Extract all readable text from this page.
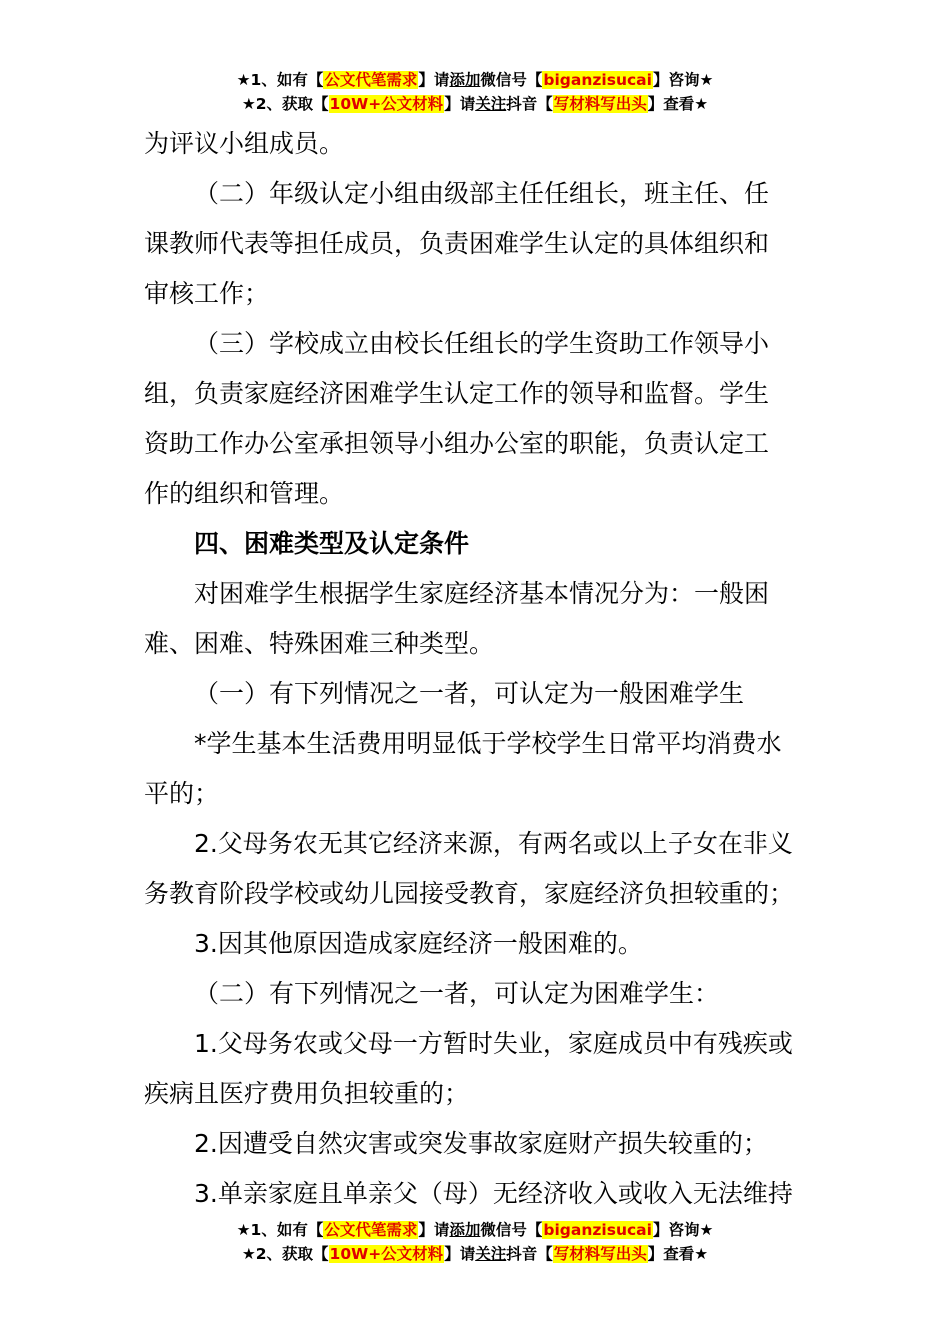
★1、如有【公文代笔需求】请添加微信号【biganzisucai】咨询★
★2、获取【10W+公文材料】请关注抖音【写材料写出头】查看★
为评议小组成员。
（二）年级认定小组由级部主任任组长，班主任、任
课教师代表等担任成员，负责困难学生认定的具体组织和
审核工作；
（三）学校成立由校长任组长的学生资助工作领导小
组，负责家庭经济困难学生认定工作的领导和监督。学生
资助工作办公室承担领导小组办公室的职能，负责认定工
作的组织和管理。
四、困难类型及认定条件
对困难学生根据学生家庭经济基本情况分为：一般困
难、困难、特殊困难三种类型。
（一）有下列情况之一者，可认定为一般困难学生
*学生基本生活费用明显低于学校学生日常平均消费水
平的；
2.父母务农无其它经济来源，有两名或以上子女在非义
务教育阶段学校或幼儿园接受教育，家庭经济负担较重的；
3.因其他原因造成家庭经济一般困难的。
（二）有下列情况之一者，可认定为困难学生：
1.父母务农或父母一方暂时失业，家庭成员中有残疾或
疾病且医疗费用负担较重的；
2.因遭受自然灾害或突发事故家庭财产损失较重的；
3.单亲家庭且单亲父（母）无经济收入或收入无法维持
★1、如有【公文代笔需求】请添加微信号【biganzisucai】咨询★
★2、获取【10W+公文材料】请关注抖音【写材料写出头】查看★
